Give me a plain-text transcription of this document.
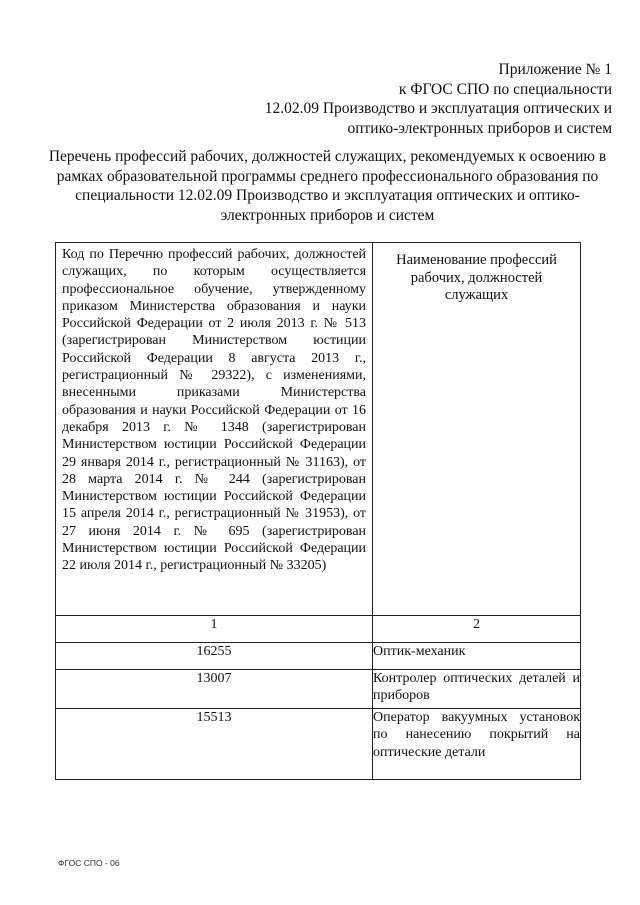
Приложение № 1
к ФГОС СПО по специальности
12.02.09 Производство и эксплуатация оптических и
оптико-электронных приборов и систем
Перечень профессий рабочих, должностей служащих, рекомендуемых к освоению в
рамках образовательной программы среднего профессионального образования по
специальности 12.02.09 Производство и эксплуатация оптических и оптико-
электронных приборов и систем
Код по Перечню профессий рабочих, должностей служащих, по которым осуществляется профессиональное обучение, утвержденному приказом Министерства образования и науки Российской Федерации от 2 июля 2013 г. № 513 (зарегистрирован Министерством юстиции Российской Федерации 8 августа 2013 г., регистрационный № 29322), с изменениями, внесенными приказами Министерства образования и науки Российской Федерации от 16 декабря 2013 г. № 1348 (зарегистрирован Министерством юстиции Российской Федерации 29 января 2014 г., регистрационный № 31163), от 28 марта 2014 г. № 244 (зарегистрирован Министерством юстиции Российской Федерации 15 апреля 2014 г., регистрационный № 31953), от 27 июня 2014 г. № 695 (зарегистрирован Министерством юстиции Российской Федерации 22 июля 2014 г., регистрационный № 33205)	Наименование профессий рабочих, должностей служащих

1	2
16255	Оптик-механик
13007	Контролер оптических деталей и приборов
15513	Оператор вакуумных установок по нанесению покрытий на оптические детали
ФГОС СПО - 06
